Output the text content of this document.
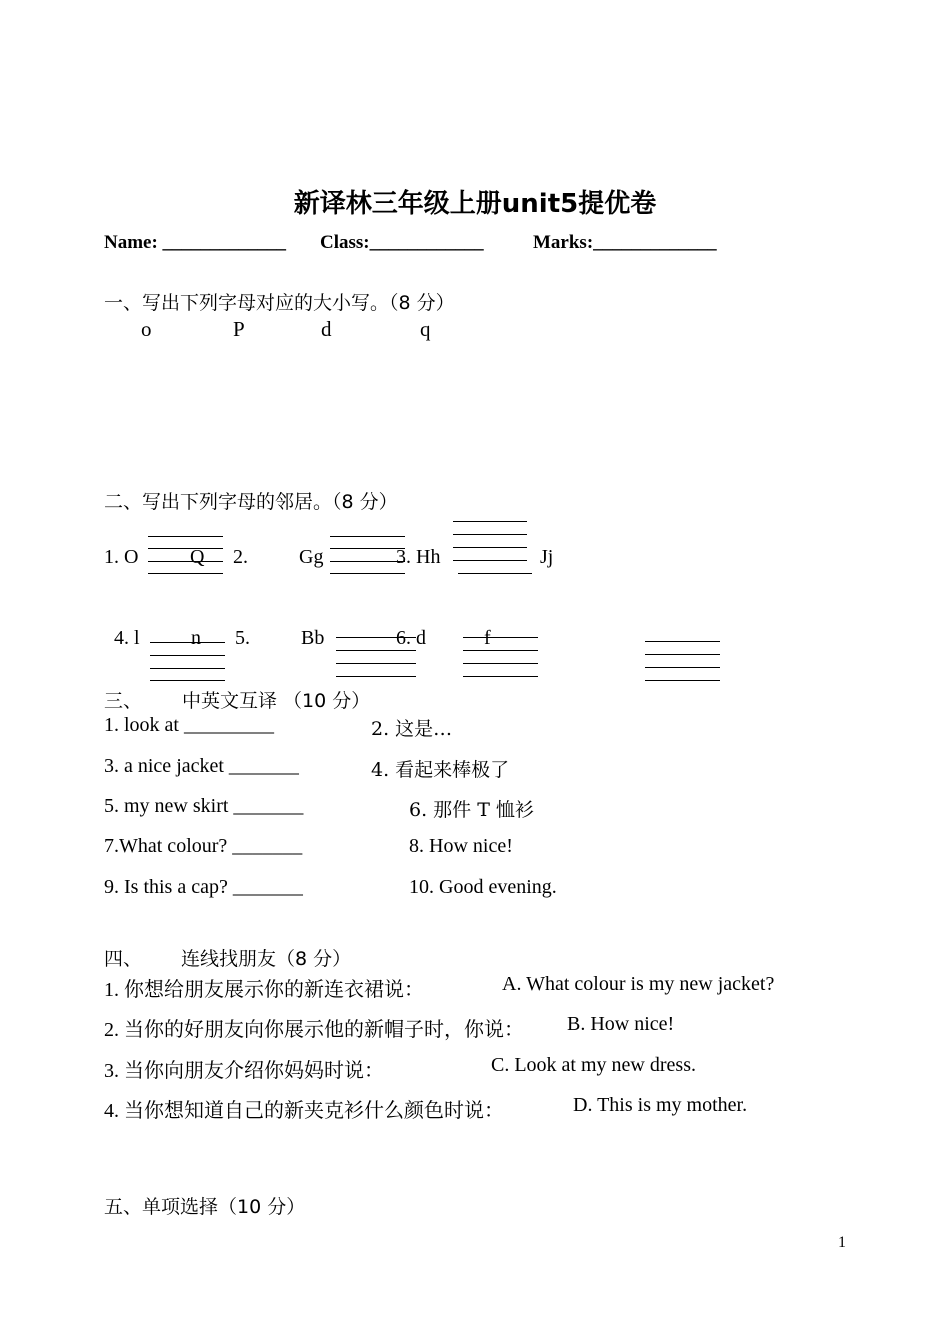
新译林三年级上册unit5提优卷
Name: _____________ Class:____________	Marks:_____________
一、写出下列字母对应的大小写。（8 分）
o	P	d	q
二、写出下列字母的邻居。（8 分）
1. O	Q 2.	Gg	3. Hh	Jj
4. l	n 5.	Bb	6. d	f
三、 中英文互译 （10 分）
1. look at _________	2. 这是…
3. a nice jacket _______	4. 看起来棒极了
5. my new skirt _______	6. 那件 T 恤衫
7.What colour? _______	8. How nice!
9. Is this a cap? _______	10. Good evening.
四、 连线找朋友（8 分）
1. 你想给朋友展示你的新连衣裙说：	A. What colour is my new jacket?
2. 当你的好朋友向你展示他的新帽子时，你说： B. How nice!
3. 当你向朋友介绍你妈妈时说：	C. Look at my new dress.
4. 当你想知道自己的新夹克衫什么颜色时说：	D. This is my mother.
五、单项选择（10 分）
1
